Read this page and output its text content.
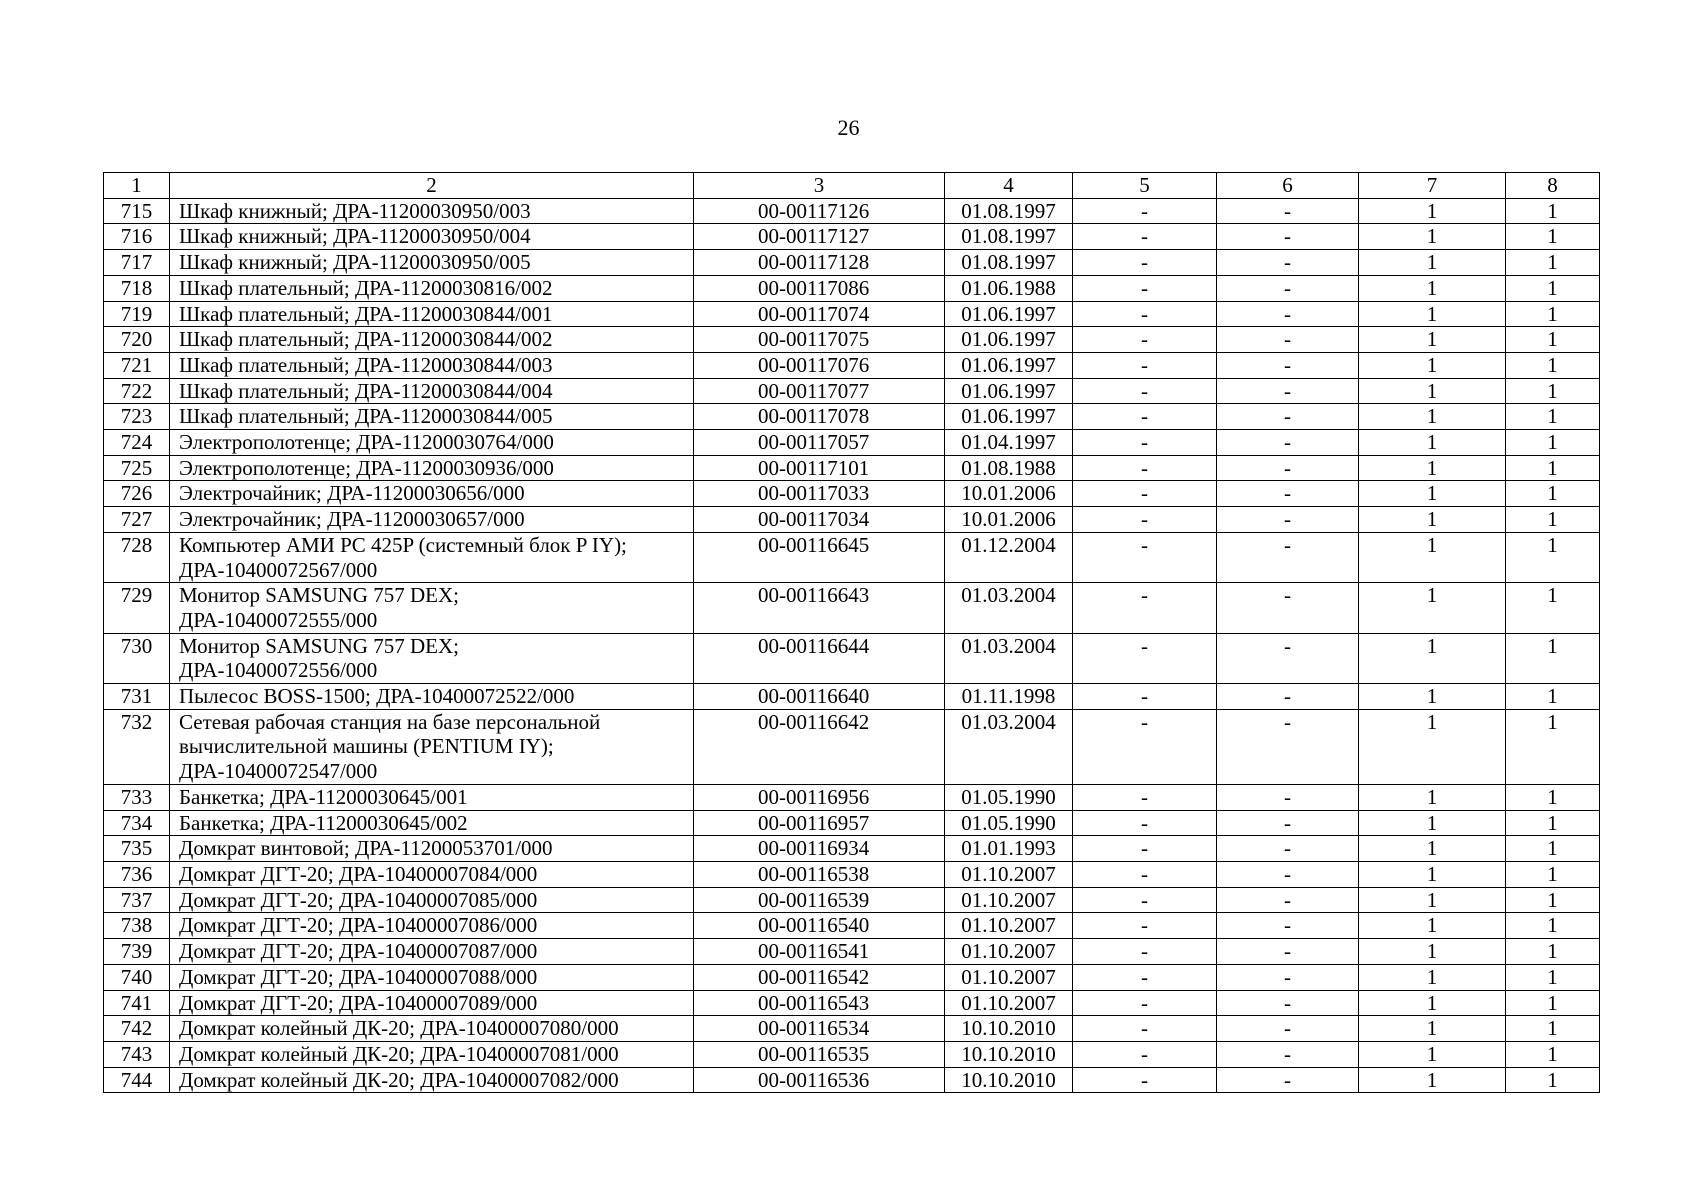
26
1	2	3	4	5	6	7	8
715	Шкаф книжный; ДРА-11200030950/003	00-00117126	01.08.1997	-	-	1	1
716	Шкаф книжный; ДРА-11200030950/004	00-00117127	01.08.1997	-	-	1	1
717	Шкаф книжный; ДРА-11200030950/005	00-00117128	01.08.1997	-	-	1	1
718	Шкаф плательный; ДРА-11200030816/002	00-00117086	01.06.1988	-	-	1	1
719	Шкаф плательный; ДРА-11200030844/001	00-00117074	01.06.1997	-	-	1	1
720	Шкаф плательный; ДРА-11200030844/002	00-00117075	01.06.1997	-	-	1	1
721	Шкаф плательный; ДРА-11200030844/003	00-00117076	01.06.1997	-	-	1	1
722	Шкаф плательный; ДРА-11200030844/004	00-00117077	01.06.1997	-	-	1	1
723	Шкаф плательный; ДРА-11200030844/005	00-00117078	01.06.1997	-	-	1	1
724	Электрополотенце; ДРА-11200030764/000	00-00117057	01.04.1997	-	-	1	1
725	Электрополотенце; ДРА-11200030936/000	00-00117101	01.08.1988	-	-	1	1
726	Электрочайник; ДРА-11200030656/000	00-00117033	10.01.2006	-	-	1	1
727	Электрочайник; ДРА-11200030657/000	00-00117034	10.01.2006	-	-	1	1
728	Компьютер АМИ PC 425P (системный блок P IY);
ДРА-10400072567/000	00-00116645	01.12.2004	-	-	1	1
729	Монитор SAMSUNG 757 DEX;
ДРА-10400072555/000	00-00116643	01.03.2004	-	-	1	1
730	Монитор SAMSUNG 757 DEX;
ДРА-10400072556/000	00-00116644	01.03.2004	-	-	1	1
731	Пылесос BOSS-1500; ДРА-10400072522/000	00-00116640	01.11.1998	-	-	1	1
732	Сетевая рабочая станция на базе персональной
вычислительной машины (PENTIUM IY);
ДРА-10400072547/000	00-00116642	01.03.2004	-	-	1	1
733	Банкетка; ДРА-11200030645/001	00-00116956	01.05.1990	-	-	1	1
734	Банкетка; ДРА-11200030645/002	00-00116957	01.05.1990	-	-	1	1
735	Домкрат винтовой; ДРА-11200053701/000	00-00116934	01.01.1993	-	-	1	1
736	Домкрат ДГТ-20; ДРА-10400007084/000	00-00116538	01.10.2007	-	-	1	1
737	Домкрат ДГТ-20; ДРА-10400007085/000	00-00116539	01.10.2007	-	-	1	1
738	Домкрат ДГТ-20; ДРА-10400007086/000	00-00116540	01.10.2007	-	-	1	1
739	Домкрат ДГТ-20; ДРА-10400007087/000	00-00116541	01.10.2007	-	-	1	1
740	Домкрат ДГТ-20; ДРА-10400007088/000	00-00116542	01.10.2007	-	-	1	1
741	Домкрат ДГТ-20; ДРА-10400007089/000	00-00116543	01.10.2007	-	-	1	1
742	Домкрат колейный ДК-20; ДРА-10400007080/000	00-00116534	10.10.2010	-	-	1	1
743	Домкрат колейный ДК-20; ДРА-10400007081/000	00-00116535	10.10.2010	-	-	1	1
744	Домкрат колейный ДК-20; ДРА-10400007082/000	00-00116536	10.10.2010	-	-	1	1
